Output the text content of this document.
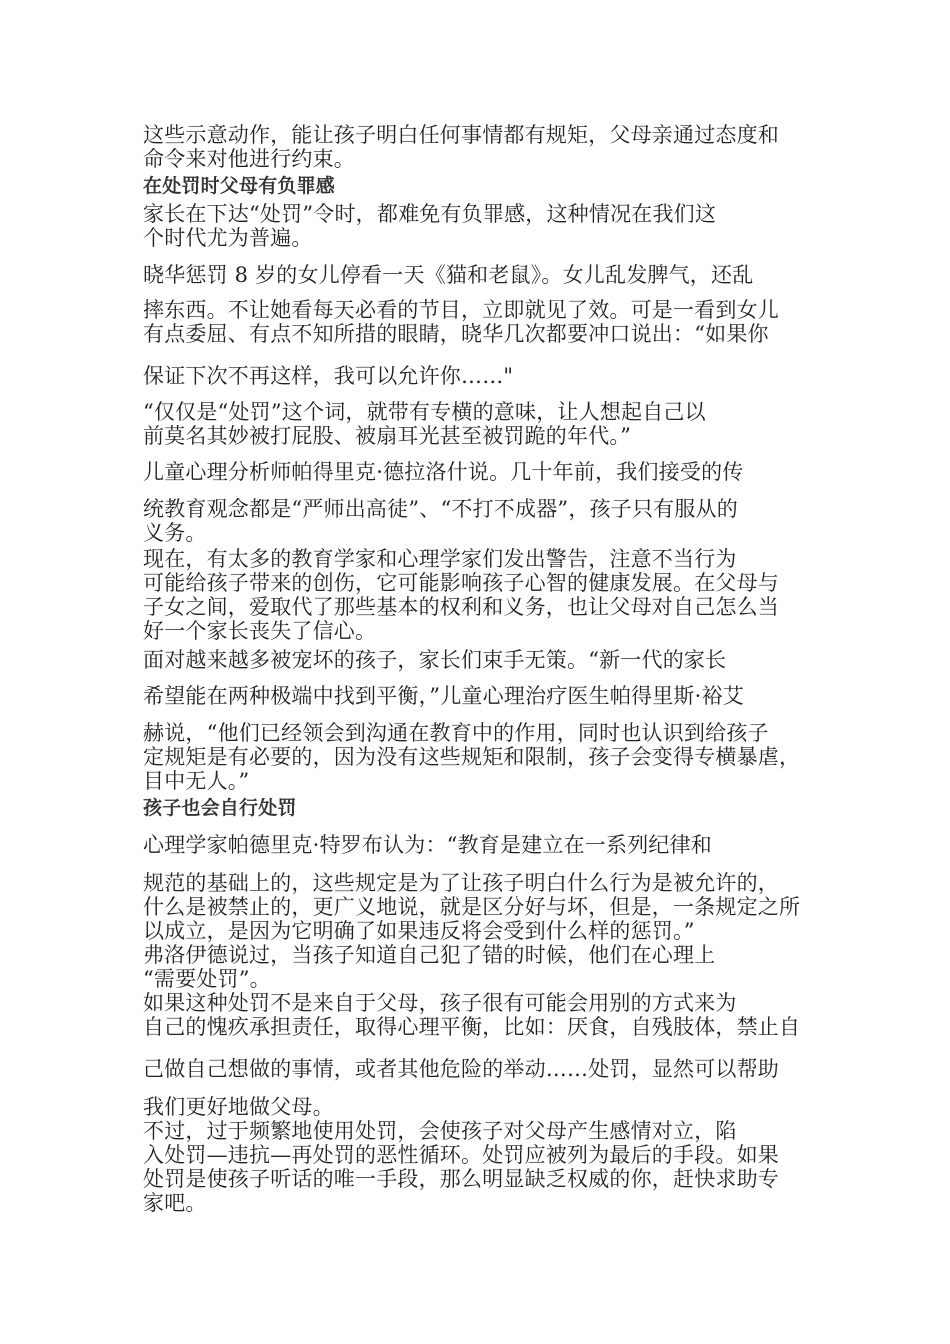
这些示意动作，能让孩子明白任何事情都有规矩，父母亲通过态度和
命令来对他进行约束。
在处罚时父母有负罪感
家长在下达“处罚”令时，都难免有负罪感，这种情况在我们这
个时代尤为普遍。
晓华惩罚 8 岁的女儿停看一天《猫和老鼠》。女儿乱发脾气，还乱
摔东西。不让她看每天必看的节目，立即就见了效。可是一看到女儿
有点委屈、有点不知所措的眼睛，晓华几次都要冲口说出：“如果你
保证下次不再这样，我可以允许你……"
“仅仅是“处罚”这个词，就带有专横的意味，让人想起自己以
前莫名其妙被打屁股、被扇耳光甚至被罚跪的年代。”
儿童心理分析师帕得里克·德拉洛什说。几十年前，我们接受的传
统教育观念都是“严师出高徒”、“不打不成器”，孩子只有服从的
义务。
现在，有太多的教育学家和心理学家们发出警告，注意不当行为
可能给孩子带来的创伤，它可能影响孩子心智的健康发展。在父母与
子女之间，爱取代了那些基本的权利和义务，也让父母对自己怎么当
好一个家长丧失了信心。
面对越来越多被宠坏的孩子，家长们束手无策。“新一代的家长
希望能在两种极端中找到平衡，”儿童心理治疗医生帕得里斯·裕艾
赫说，“他们已经领会到沟通在教育中的作用，同时也认识到给孩子
定规矩是有必要的，因为没有这些规矩和限制，孩子会变得专横暴虐，
目中无人。”
孩子也会自行处罚
心理学家帕德里克·特罗布认为：“教育是建立在一系列纪律和
规范的基础上的，这些规定是为了让孩子明白什么行为是被允许的，
什么是被禁止的，更广义地说，就是区分好与坏，但是，一条规定之所
以成立，是因为它明确了如果违反将会受到什么样的惩罚。”
弗洛伊德说过，当孩子知道自己犯了错的时候，他们在心理上
“需要处罚”。
如果这种处罚不是来自于父母，孩子很有可能会用别的方式来为
自己的愧疚承担责任，取得心理平衡，比如：厌食，自残肢体，禁止自
己做自己想做的事情，或者其他危险的举动……处罚，显然可以帮助
我们更好地做父母。
不过，过于频繁地使用处罚，会使孩子对父母产生感情对立，陷
入处罚—违抗—再处罚的恶性循环。处罚应被列为最后的手段。如果
处罚是使孩子听话的唯一手段，那么明显缺乏权威的你，赶快求助专
家吧。
